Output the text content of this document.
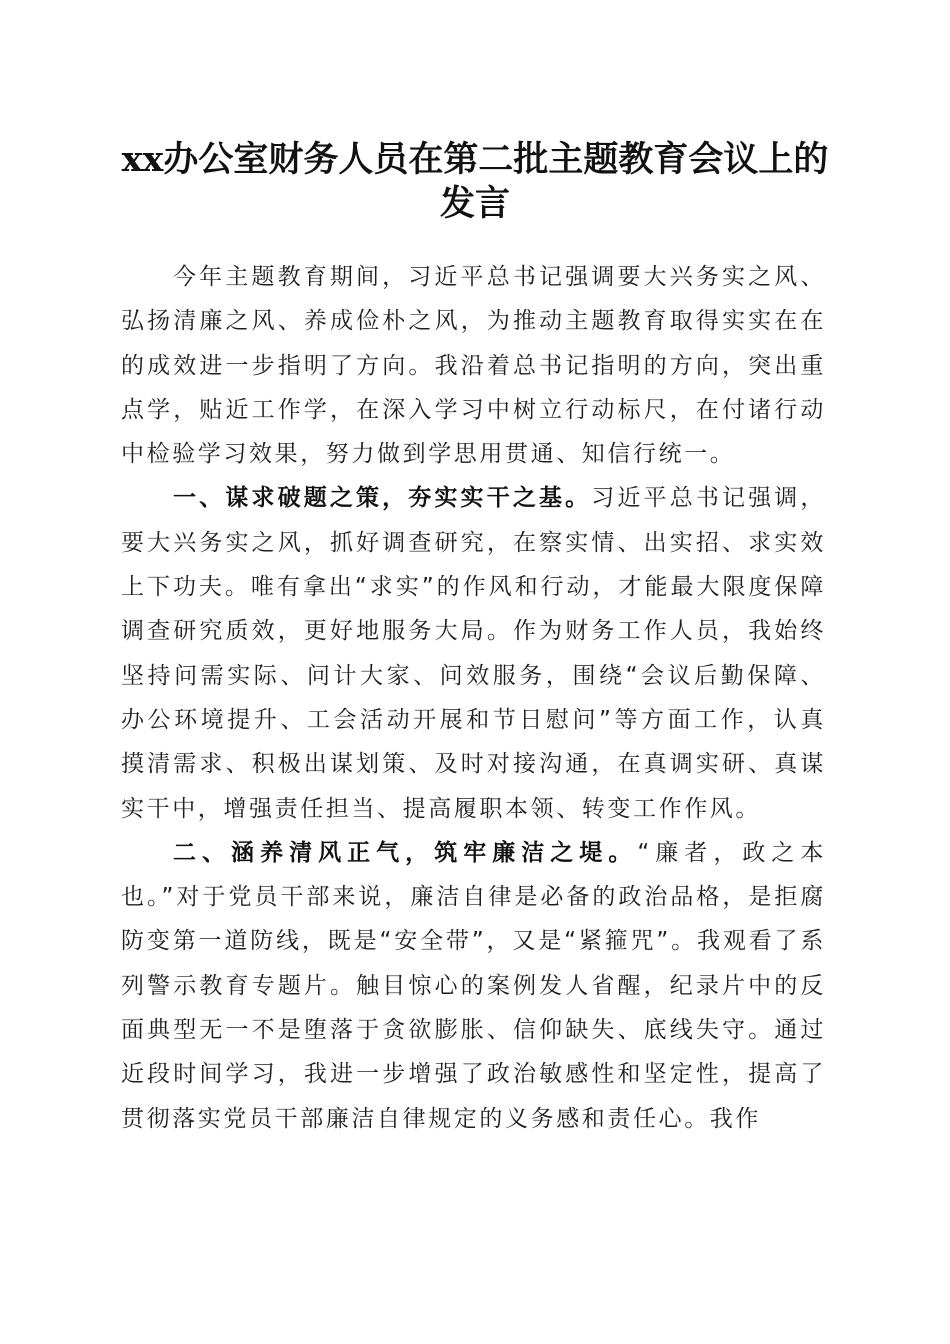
xx办公室财务人员在第二批主题教育会议上的发言

今年主题教育期间，习近平总书记强调要大兴务实之风、弘扬清廉之风、养成俭朴之风，为推动主题教育取得实实在在的成效进一步指明了方向。我沿着总书记指明的方向，突出重点学，贴近工作学，在深入学习中树立行动标尺，在付诸行动中检验学习效果，努力做到学思用贯通、知信行统一。

一、谋求破题之策，夯实实干之基。习近平总书记强调，要大兴务实之风，抓好调查研究，在察实情、出实招、求实效上下功夫。唯有拿出“求实”的作风和行动，才能最大限度保障调查研究质效，更好地服务大局。作为财务工作人员，我始终坚持问需实际、问计大家、问效服务，围绕“会议后勤保障、办公环境提升、工会活动开展和节日慰问”等方面工作，认真摸清需求、积极出谋划策、及时对接沟通，在真调实研、真谋实干中，增强责任担当、提高履职本领、转变工作作风。

二、涵养清风正气，筑牢廉洁之堤。“廉者，政之本也。”对于党员干部来说，廉洁自律是必备的政治品格，是拒腐防变第一道防线，既是“安全带”，又是“紧箍咒”。我观看了系列警示教育专题片。触目惊心的案例发人省醒，纪录片中的反面典型无一不是堕落于贪欲膨胀、信仰缺失、底线失守。通过近段时间学习，我进一步增强了政治敏感性和坚定性，提高了贯彻落实党员干部廉洁自律规定的义务感和责任心。我作
